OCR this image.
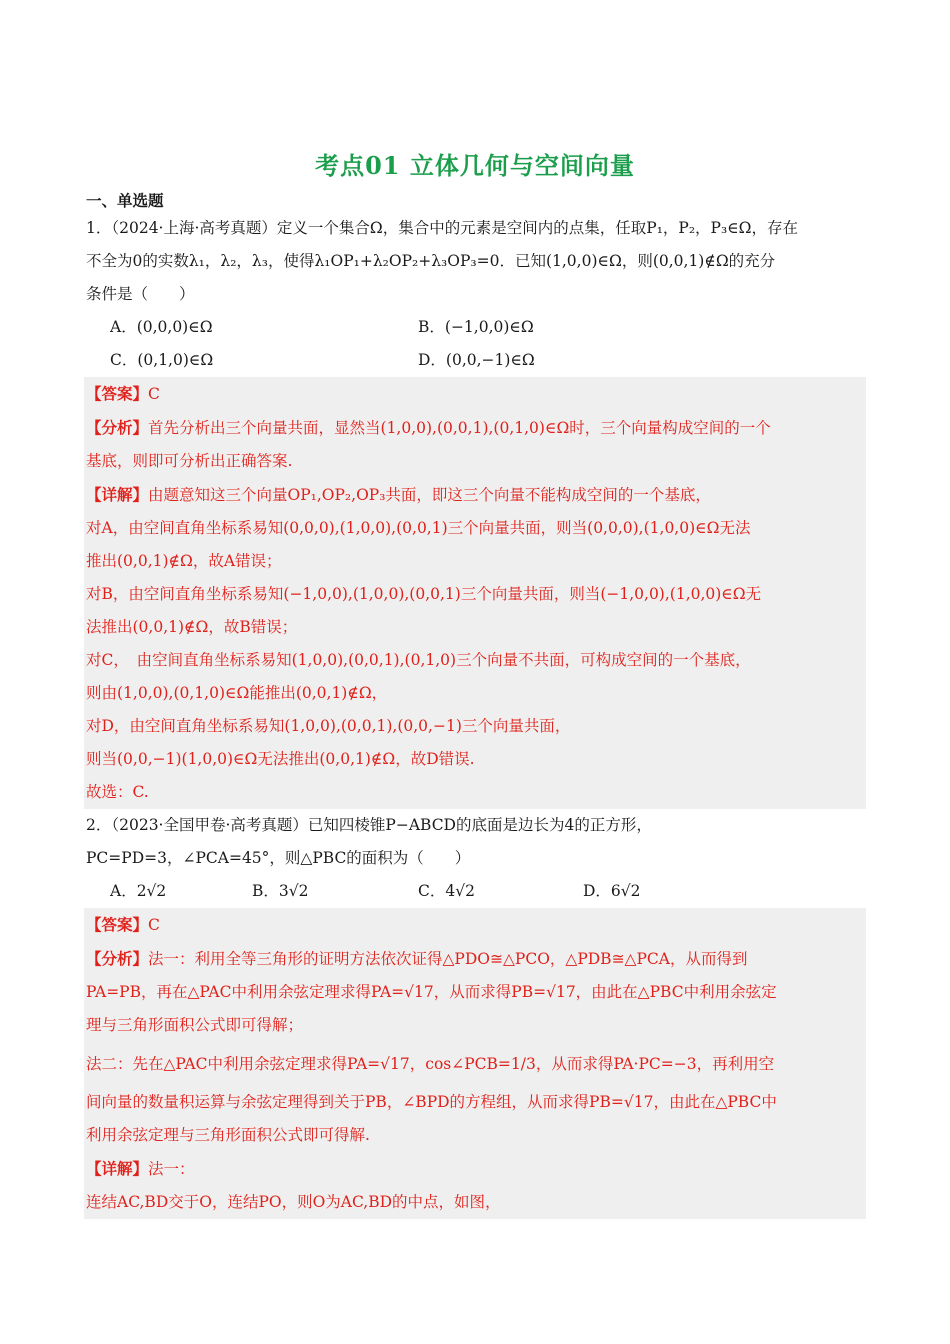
考点01 立体几何与空间向量
一、单选题
1．（2024·上海·高考真题）定义一个集合Ω，集合中的元素是空间内的点集，任取P₁，P₂，P₃∈Ω，存在
不全为0的实数λ₁，λ₂，λ₃，使得λ₁OP₁+λ₂OP₂+λ₃OP₃=0．已知(1,0,0)∈Ω，则(0,0,1)∉Ω的充分
条件是（　　）
A．(0,0,0)∈Ω	B．(−1,0,0)∈Ω
C．(0,1,0)∈Ω	D．(0,0,−1)∈Ω
【答案】C
【分析】首先分析出三个向量共面，显然当(1,0,0),(0,0,1),(0,1,0)∈Ω时，三个向量构成空间的一个
基底，则即可分析出正确答案.
【详解】由题意知这三个向量OP₁,OP₂,OP₃共面，即这三个向量不能构成空间的一个基底，
对A，由空间直角坐标系易知(0,0,0),(1,0,0),(0,0,1)三个向量共面，则当(0,0,0),(1,0,0)∈Ω无法
推出(0,0,1)∉Ω，故A错误；
对B，由空间直角坐标系易知(−1,0,0),(1,0,0),(0,0,1)三个向量共面，则当(−1,0,0),(1,0,0)∈Ω无
法推出(0,0,1)∉Ω，故B错误；
对C，　由空间直角坐标系易知(1,0,0),(0,0,1),(0,1,0)三个向量不共面，可构成空间的一个基底，
则由(1,0,0),(0,1,0)∈Ω能推出(0,0,1)∉Ω，
对D，由空间直角坐标系易知(1,0,0),(0,0,1),(0,0,−1)三个向量共面，
则当(0,0,−1)(1,0,0)∈Ω无法推出(0,0,1)∉Ω，故D错误.
故选：C.
2．（2023·全国甲卷·高考真题）已知四棱锥P−ABCD的底面是边长为4的正方形，
PC=PD=3，∠PCA=45°，则△PBC的面积为（　　）
A．2√2	B．3√2	C．4√2	D．6√2
【答案】C
【分析】法一：利用全等三角形的证明方法依次证得△PDO≅△PCO，△PDB≅△PCA，从而得到
PA=PB，再在△PAC中利用余弦定理求得PA=√17，从而求得PB=√17，由此在△PBC中利用余弦定
理与三角形面积公式即可得解；
法二：先在△PAC中利用余弦定理求得PA=√17，cos∠PCB=1/3，从而求得PA·PC=−3，再利用空
间向量的数量积运算与余弦定理得到关于PB，∠BPD的方程组，从而求得PB=√17，由此在△PBC中
利用余弦定理与三角形面积公式即可得解.
【详解】法一：
连结AC,BD交于O，连结PO，则O为AC,BD的中点，如图，
